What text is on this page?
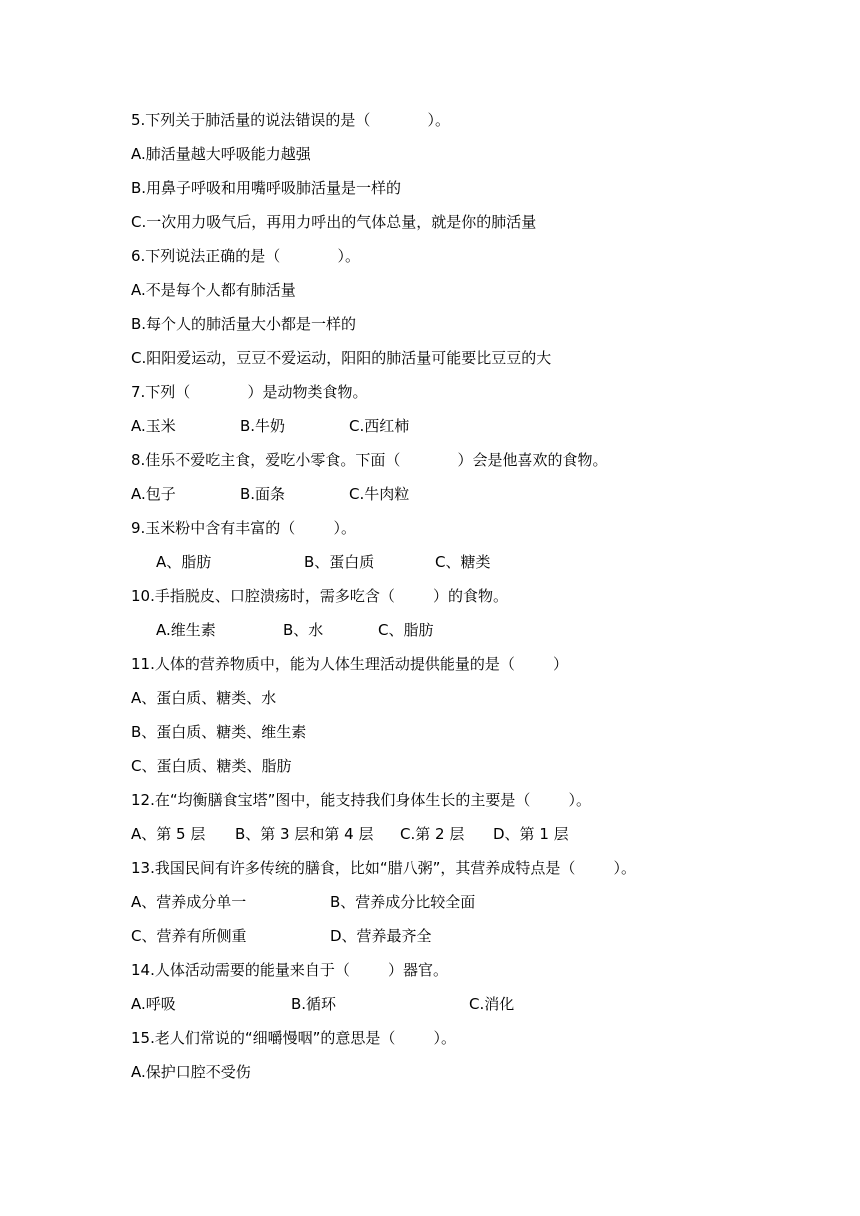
5.下列关于肺活量的说法错误的是（            ）。
A.肺活量越大呼吸能力越强
B.用鼻子呼吸和用嘴呼吸肺活量是一样的
C.一次用力吸气后，再用力呼出的气体总量，就是你的肺活量
6.下列说法正确的是（            ）。
A.不是每个人都有肺活量
B.每个人的肺活量大小都是一样的
C.阳阳爱运动，豆豆不爱运动，阳阳的肺活量可能要比豆豆的大
7.下列（            ）是动物类食物。

A.玉米

	B.牛奶

	C.西红柿

8.佳乐不爱吃主食，爱吃小零食。下面（            ）会是他喜欢的食物。

A.包子

	B.面条

	C.牛肉粒

9.玉米粉中含有丰富的（        ）。

A、脂肪

	B、蛋白质

	C、糖类

10.手指脱皮、口腔溃疡时，需多吃含（        ）的食物。

A.维生素

	B、水

	C、脂肪

11.人体的营养物质中，能为人体生理活动提供能量的是（        ）
A、蛋白质、糖类、水
B、蛋白质、糖类、维生素
C、蛋白质、糖类、脂肪
12.在“均衡膳食宝塔”图中，能支持我们身体生长的主要是（        ）。

A、第 5 层

B、第 3 层和第 4 层

C.第 2 层

D、第 1 层

13.我国民间有许多传统的膳食，比如“腊八粥”，其营养成特点是（        ）。

A、营养成分单一

	B、营养成分比较全面

C、营养有所侧重

	D、营养最齐全

14.人体活动需要的能量来自于（        ）器官。

A.呼吸

	B.循环

	C.消化

15.老人们常说的“细嚼慢咽”的意思是（        ）。
A.保护口腔不受伤
